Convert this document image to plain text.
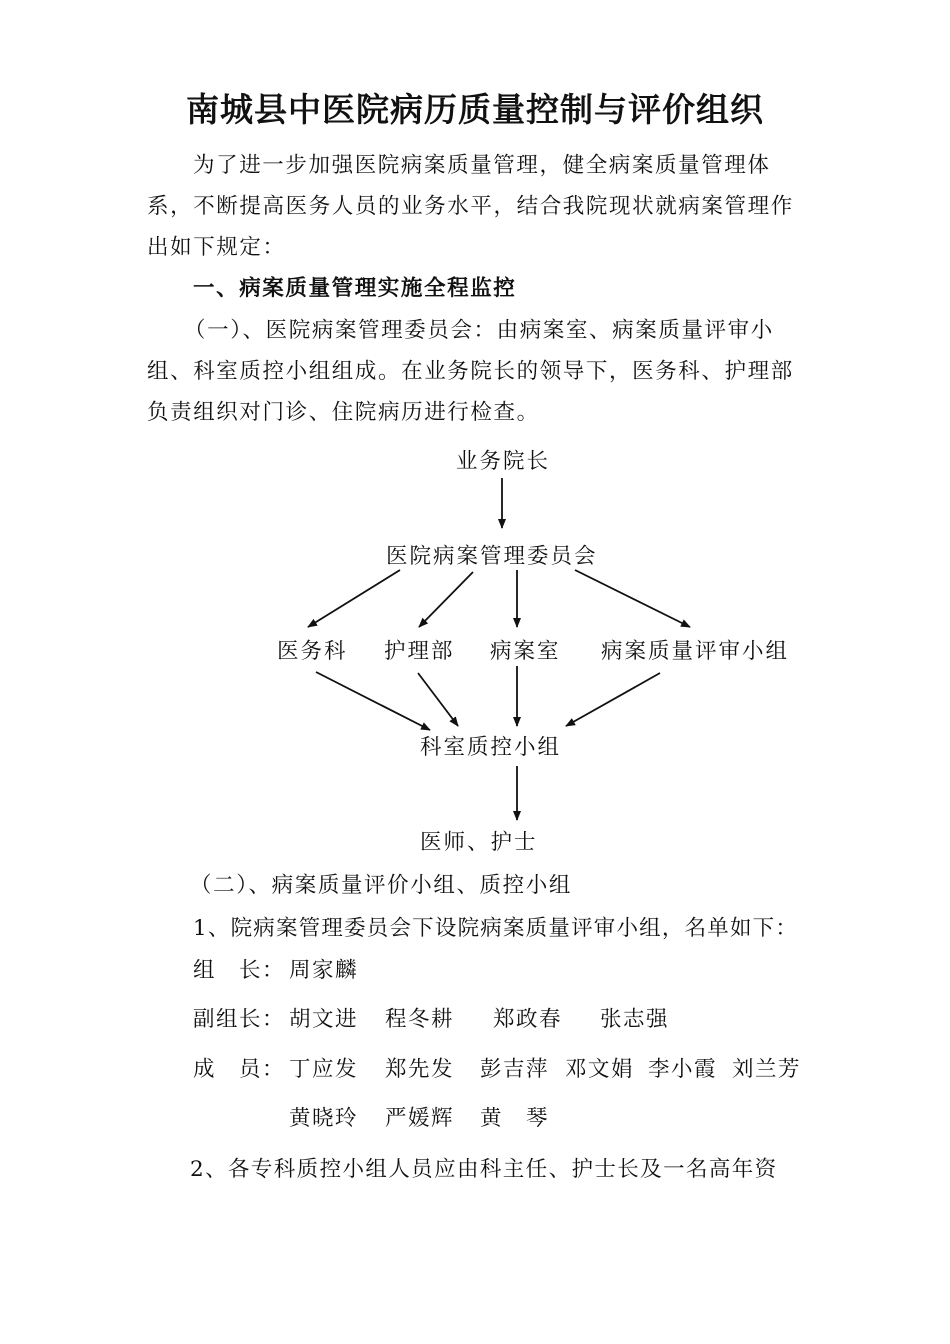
南城县中医院病历质量控制与评价组织
为了进一步加强医院病案质量管理，健全病案质量管理体
系，不断提高医务人员的业务水平，结合我院现状就病案管理作
出如下规定：
一、病案质量管理实施全程监控
（一）、医院病案管理委员会：由病案室、病案质量评审小
组、科室质控小组组成。在业务院长的领导下，医务科、护理部
负责组织对门诊、住院病历进行检查。
业务院长
医院病案管理委员会
医务科 护理部 病案室 病案质量评审小组
科室质控小组
医师、护士
（二）、病案质量评价小组、质控小组
1、院病案管理委员会下设院病案质量评审小组，名单如下：
组　长： 周家麟
副组长： 胡文进 程冬耕 郑政春 张志强
成　员： 丁应发 郑先发 彭吉萍 邓文娟 李小霞 刘兰芳
黄晓玲 严媛辉 黄　琴
2、各专科质控小组人员应由科主任、护士长及一名高年资
